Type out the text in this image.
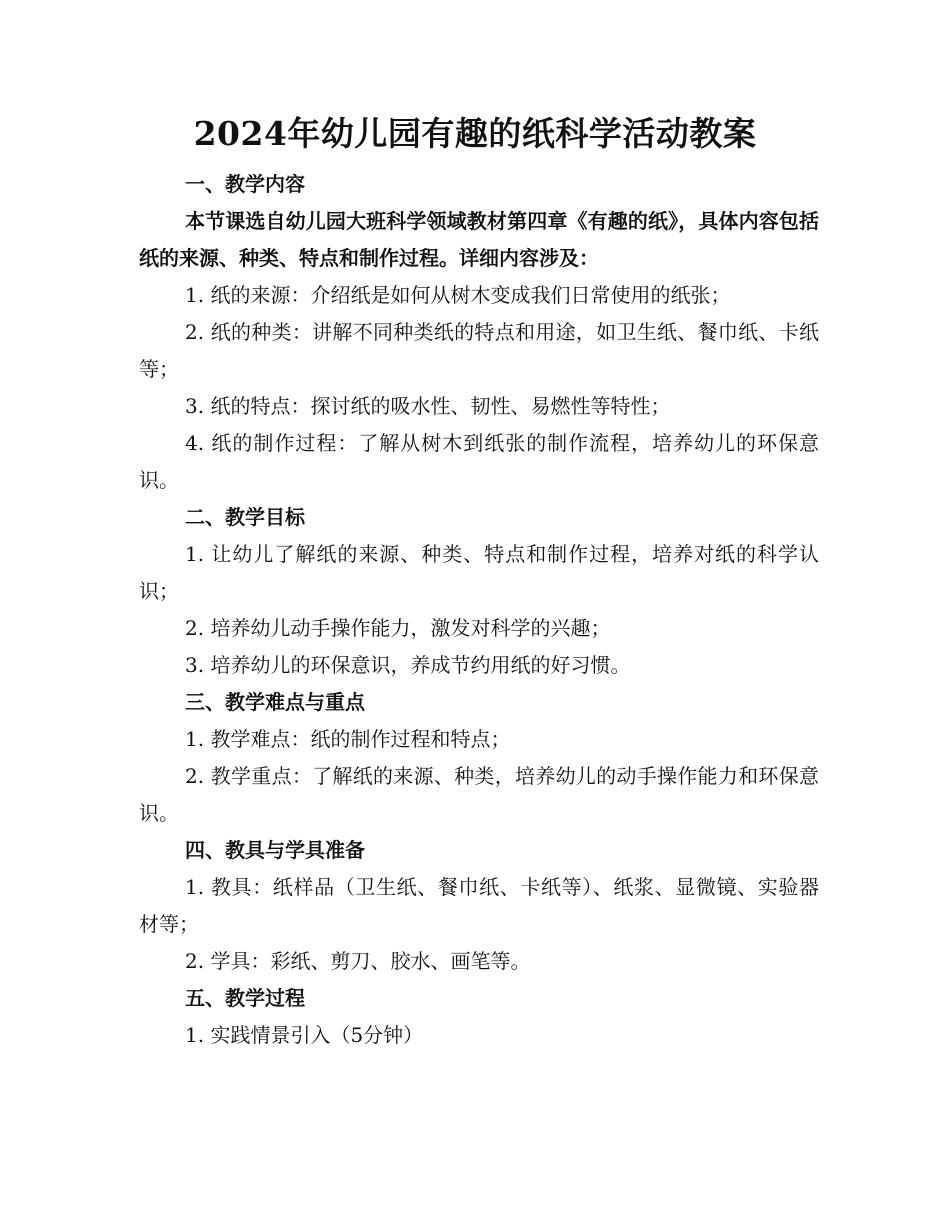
2024年幼儿园有趣的纸科学活动教案

一、教学内容

本节课选自幼儿园大班科学领域教材第四章《有趣的纸》，具体内容包括纸的来源、种类、特点和制作过程。详细内容涉及：

1. 纸的来源：介绍纸是如何从树木变成我们日常使用的纸张；

2. 纸的种类：讲解不同种类纸的特点和用途，如卫生纸、餐巾纸、卡纸等；

3. 纸的特点：探讨纸的吸水性、韧性、易燃性等特性；

4. 纸的制作过程：了解从树木到纸张的制作流程，培养幼儿的环保意识。

二、教学目标

1. 让幼儿了解纸的来源、种类、特点和制作过程，培养对纸的科学认识；

2. 培养幼儿动手操作能力，激发对科学的兴趣；

3. 培养幼儿的环保意识，养成节约用纸的好习惯。

三、教学难点与重点

1. 教学难点：纸的制作过程和特点；

2. 教学重点：了解纸的来源、种类，培养幼儿的动手操作能力和环保意识。

四、教具与学具准备

1. 教具：纸样品（卫生纸、餐巾纸、卡纸等）、纸浆、显微镜、实验器材等；

2. 学具：彩纸、剪刀、胶水、画笔等。

五、教学过程

1. 实践情景引入（5分钟）
